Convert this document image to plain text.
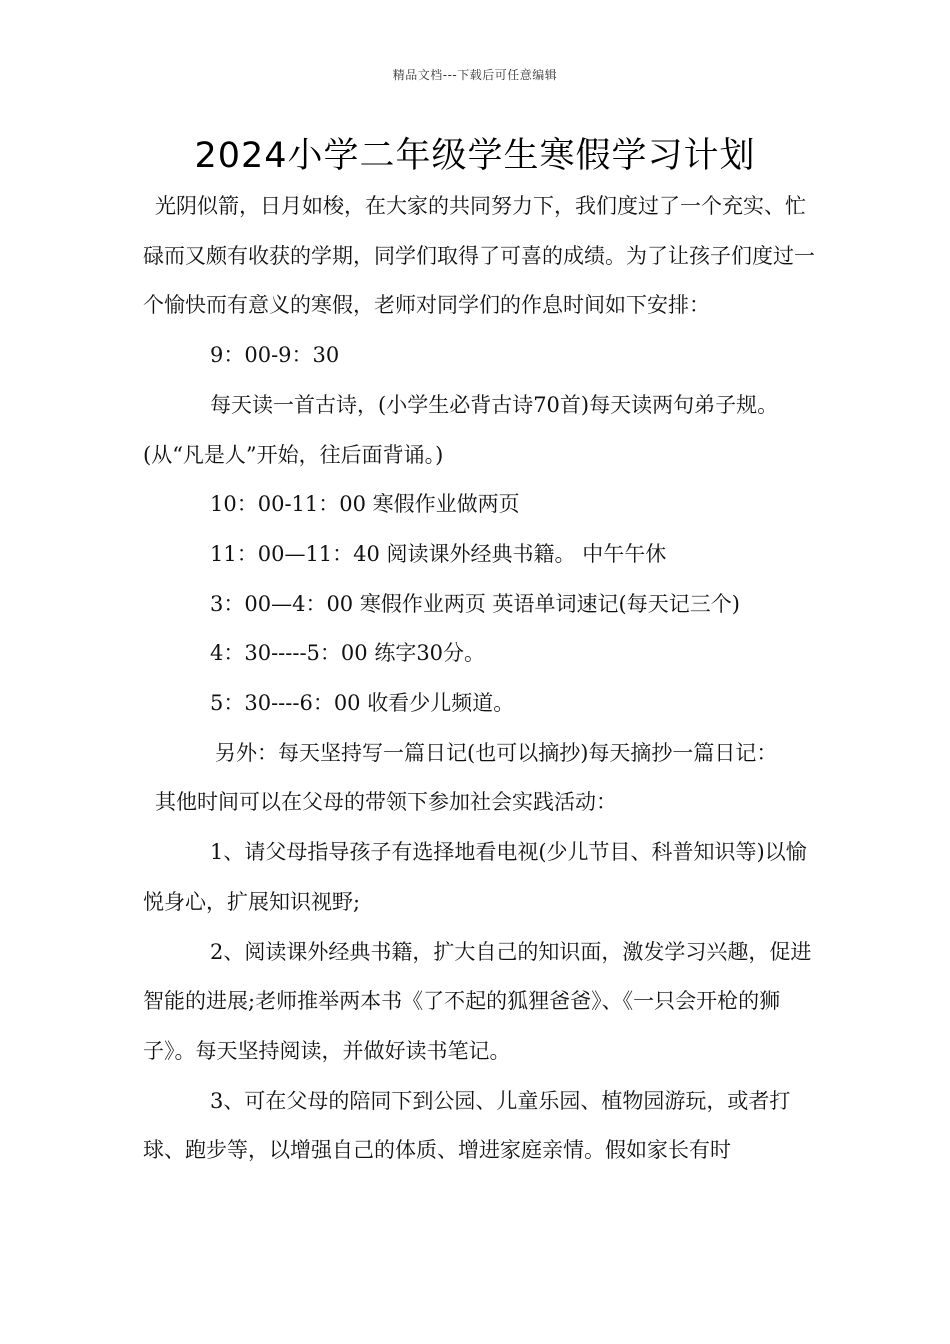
精品文档---下载后可任意编辑
2024小学二年级学生寒假学习计划

光阴似箭，日月如梭，在大家的共同努力下，我们度过了一个充实、忙碌而又颇有收获的学期，同学们取得了可喜的成绩。为了让孩子们度过一个愉快而有意义的寒假，老师对同学们的作息时间如下安排：

9：00-9：30

每天读一首古诗，(小学生必背古诗70首)每天读两句弟子规。(从“凡是人”开始，往后面背诵。)

10：00-11：00 寒假作业做两页

11：00—11：40 阅读课外经典书籍。 中午午休

3：00—4：00 寒假作业两页 英语单词速记(每天记三个)

4：30-----5：00 练字30分。

5：30----6：00 收看少儿频道。

另外：每天坚持写一篇日记(也可以摘抄)每天摘抄一篇日记：

其他时间可以在父母的带领下参加社会实践活动：

1、请父母指导孩子有选择地看电视(少儿节目、科普知识等)以愉悦身心，扩展知识视野;

2、阅读课外经典书籍，扩大自己的知识面，激发学习兴趣，促进智能的进展;老师推举两本书《了不起的狐狸爸爸》、《一只会开枪的狮子》。每天坚持阅读，并做好读书笔记。

3、可在父母的陪同下到公园、儿童乐园、植物园游玩，或者打球、跑步等，以增强自己的体质、增进家庭亲情。假如家长有时
